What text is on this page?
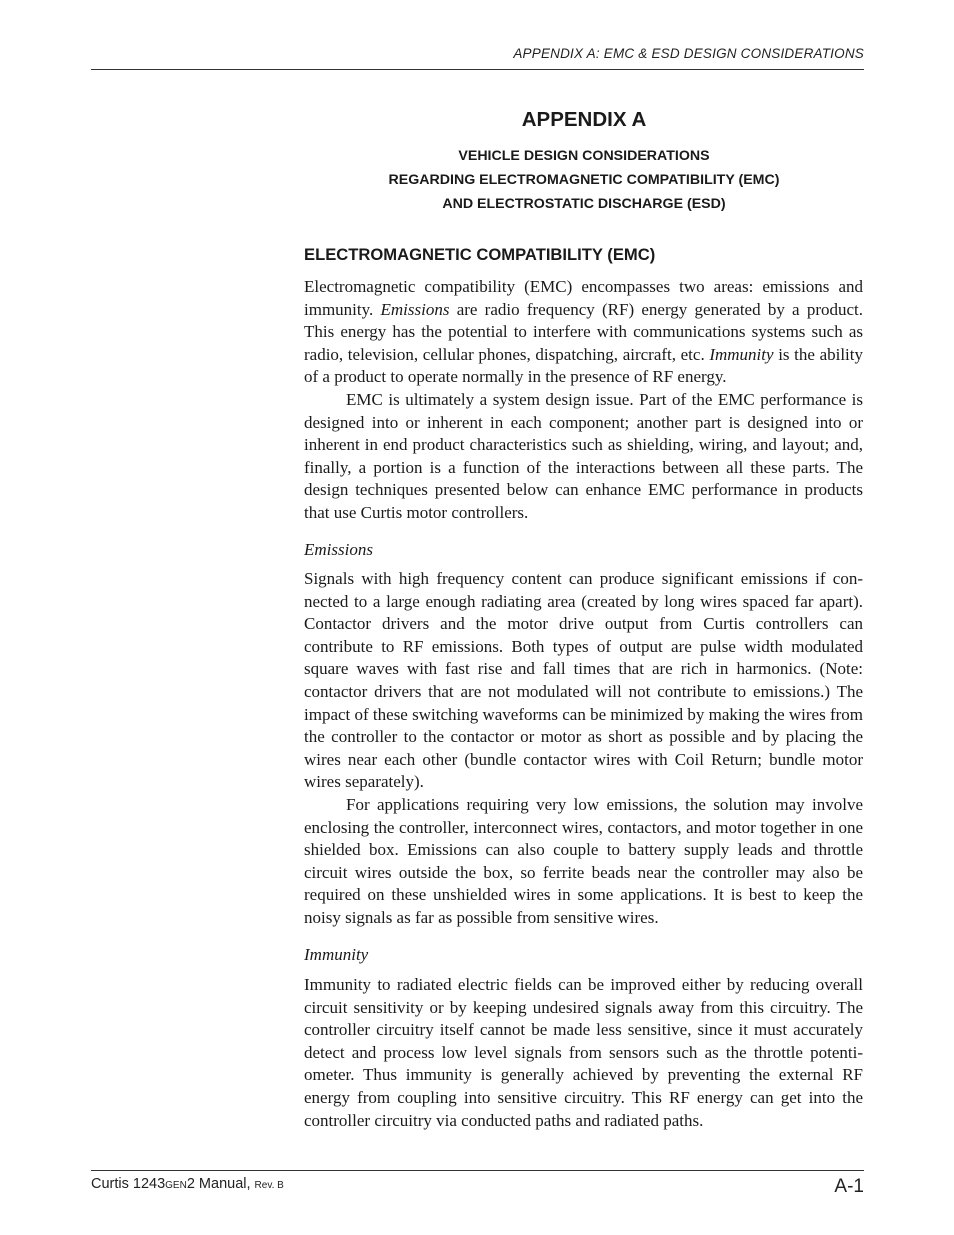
APPENDIX A: EMC & ESD DESIGN CONSIDERATIONS
APPENDIX A
VEHICLE DESIGN CONSIDERATIONS
REGARDING ELECTROMAGNETIC COMPATIBILITY (EMC)
AND ELECTROSTATIC DISCHARGE (ESD)
ELECTROMAGNETIC COMPATIBILITY (EMC)

Electromagnetic compatibility (EMC) encompasses two areas: emissions and immunity. Emissions are radio frequency (RF) energy generated by a product. This energy has the potential to interfere with communications systems such as radio, television, cellular phones, dispatching, aircraft, etc. Immunity is the ability of a product to operate normally in the presence of RF energy.

EMC is ultimately a system design issue. Part of the EMC performance is designed into or inherent in each component; another part is designed into or inherent in end product characteristics such as shielding, wiring, and layout; and, finally, a portion is a function of the interactions between all these parts. The design techniques presented below can enhance EMC performance in products that use Curtis motor controllers.

Emissions

Signals with high frequency content can produce significant emissions if connected to a large enough radiating area (created by long wires spaced far apart). Contactor drivers and the motor drive output from Curtis controllers can contribute to RF emissions. Both types of output are pulse width modulated square waves with fast rise and fall times that are rich in harmonics. (Note: contactor drivers that are not modulated will not contribute to emissions.) The impact of these switching waveforms can be minimized by making the wires from the controller to the contactor or motor as short as possible and by placing the wires near each other (bundle contactor wires with Coil Return; bundle motor wires separately).

For applications requiring very low emissions, the solution may involve enclosing the controller, interconnect wires, contactors, and motor together in one shielded box. Emissions can also couple to battery supply leads and throttle circuit wires outside the box, so ferrite beads near the controller may also be required on these unshielded wires in some applications. It is best to keep the noisy signals as far as possible from sensitive wires.

Immunity

Immunity to radiated electric fields can be improved either by reducing overall circuit sensitivity or by keeping undesired signals away from this circuitry. The controller circuitry itself cannot be made less sensitive, since it must accurately detect and process low level signals from sensors such as the throttle potentiometer. Thus immunity is generally achieved by preventing the external RF energy from coupling into sensitive circuitry. This RF energy can get into the controller circuitry via conducted paths and radiated paths.

Curtis 1243GEN2 Manual, Rev. B	A-1
